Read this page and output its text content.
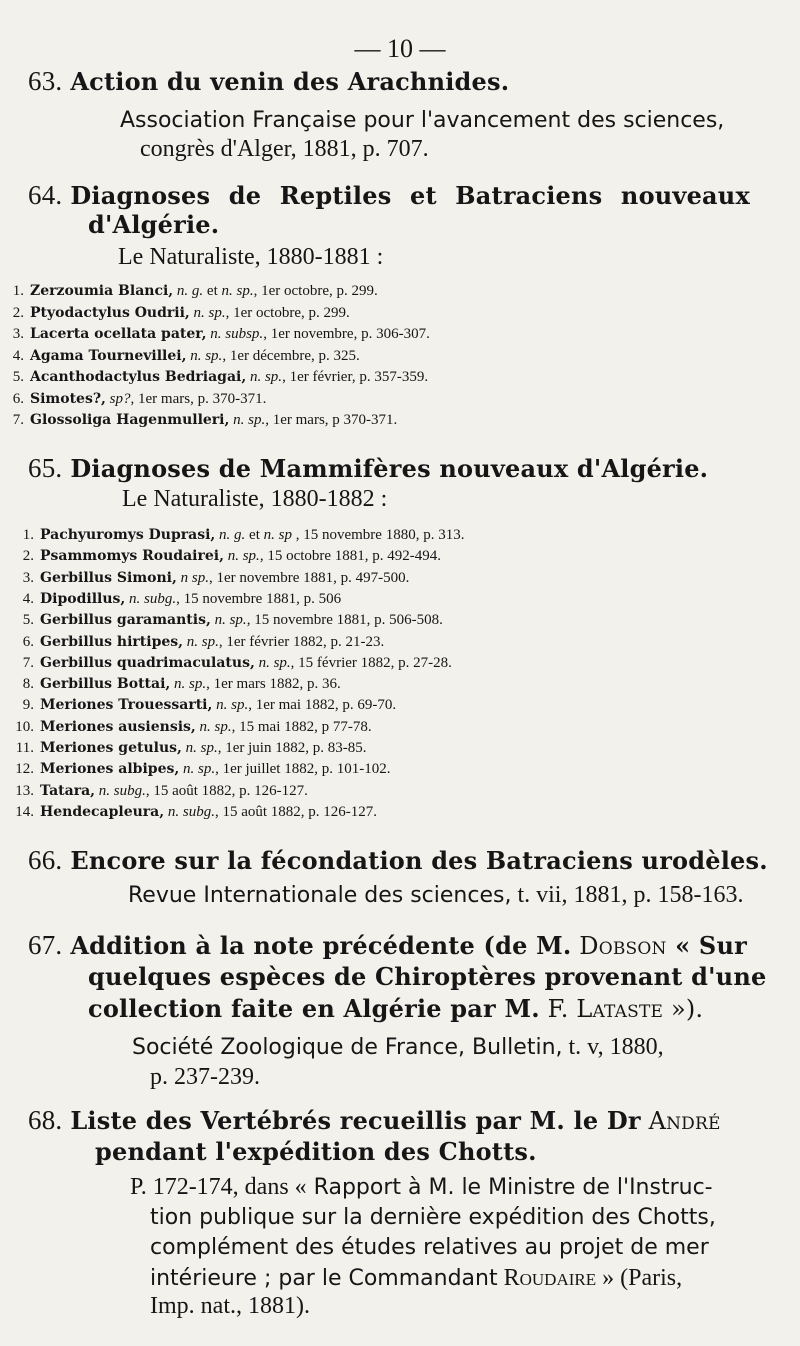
— 10 —
63. Action du venin des Arachnides.
Association Française pour l'avancement des sciences,
congrès d'Alger, 1881, p. 707.
64. Diagnoses de Reptiles et Batraciens nouveaux
d'Algérie.
Le Naturaliste, 1880-1881 :
1. Zerzoumia Blanci, n. g. et n. sp., 1er octobre, p. 299.
2. Ptyodactylus Oudrii, n. sp., 1er octobre, p. 299.
3. Lacerta ocellata pater, n. subsp., 1er novembre, p. 306-307.
4. Agama Tournevillei, n. sp., 1er décembre, p. 325.
5. Acanthodactylus Bedriagai, n. sp., 1er février, p. 357-359.
6. Simotes?, sp?, 1er mars, p. 370-371.
7. Glossoliga Hagenmulleri, n. sp., 1er mars, p 370-371.
65. Diagnoses de Mammifères nouveaux d'Algérie.
Le Naturaliste, 1880-1882 :
1. Pachyuromys Duprasi, n. g. et n. sp , 15 novembre 1880, p. 313.
2. Psammomys Roudairei, n. sp., 15 octobre 1881, p. 492-494.
3. Gerbillus Simoni, n sp., 1er novembre 1881, p. 497-500.
4. Dipodillus, n. subg., 15 novembre 1881, p. 506
5. Gerbillus garamantis, n. sp., 15 novembre 1881, p. 506-508.
6. Gerbillus hirtipes, n. sp., 1er février 1882, p. 21-23.
7. Gerbillus quadrimaculatus, n. sp., 15 février 1882, p. 27-28.
8. Gerbillus Bottai, n. sp., 1er mars 1882, p. 36.
9. Meriones Trouessarti, n. sp., 1er mai 1882, p. 69-70.
10. Meriones ausiensis, n. sp., 15 mai 1882, p 77-78.
11. Meriones getulus, n. sp., 1er juin 1882, p. 83-85.
12. Meriones albipes, n. sp., 1er juillet 1882, p. 101-102.
13. Tatara, n. subg., 15 août 1882, p. 126-127.
14. Hendecapleura, n. subg., 15 août 1882, p. 126-127.
66. Encore sur la fécondation des Batraciens urodèles.
Revue Internationale des sciences, t. vii, 1881, p. 158-163.
67. Addition à la note précédente (de M. Dobson « Sur
quelques espèces de Chiroptères provenant d'une
collection faite en Algérie par M. F. Lataste »).
Société Zoologique de France, Bulletin, t. v, 1880,
p. 237-239.
68. Liste des Vertébrés recueillis par M. le Dr André
pendant l'expédition des Chotts.
P. 172-174, dans « Rapport à M. le Ministre de l'Instruc-
tion publique sur la dernière expédition des Chotts,
complément des études relatives au projet de mer
intérieure ; par le Commandant Roudaire » (Paris,
Imp. nat., 1881).
